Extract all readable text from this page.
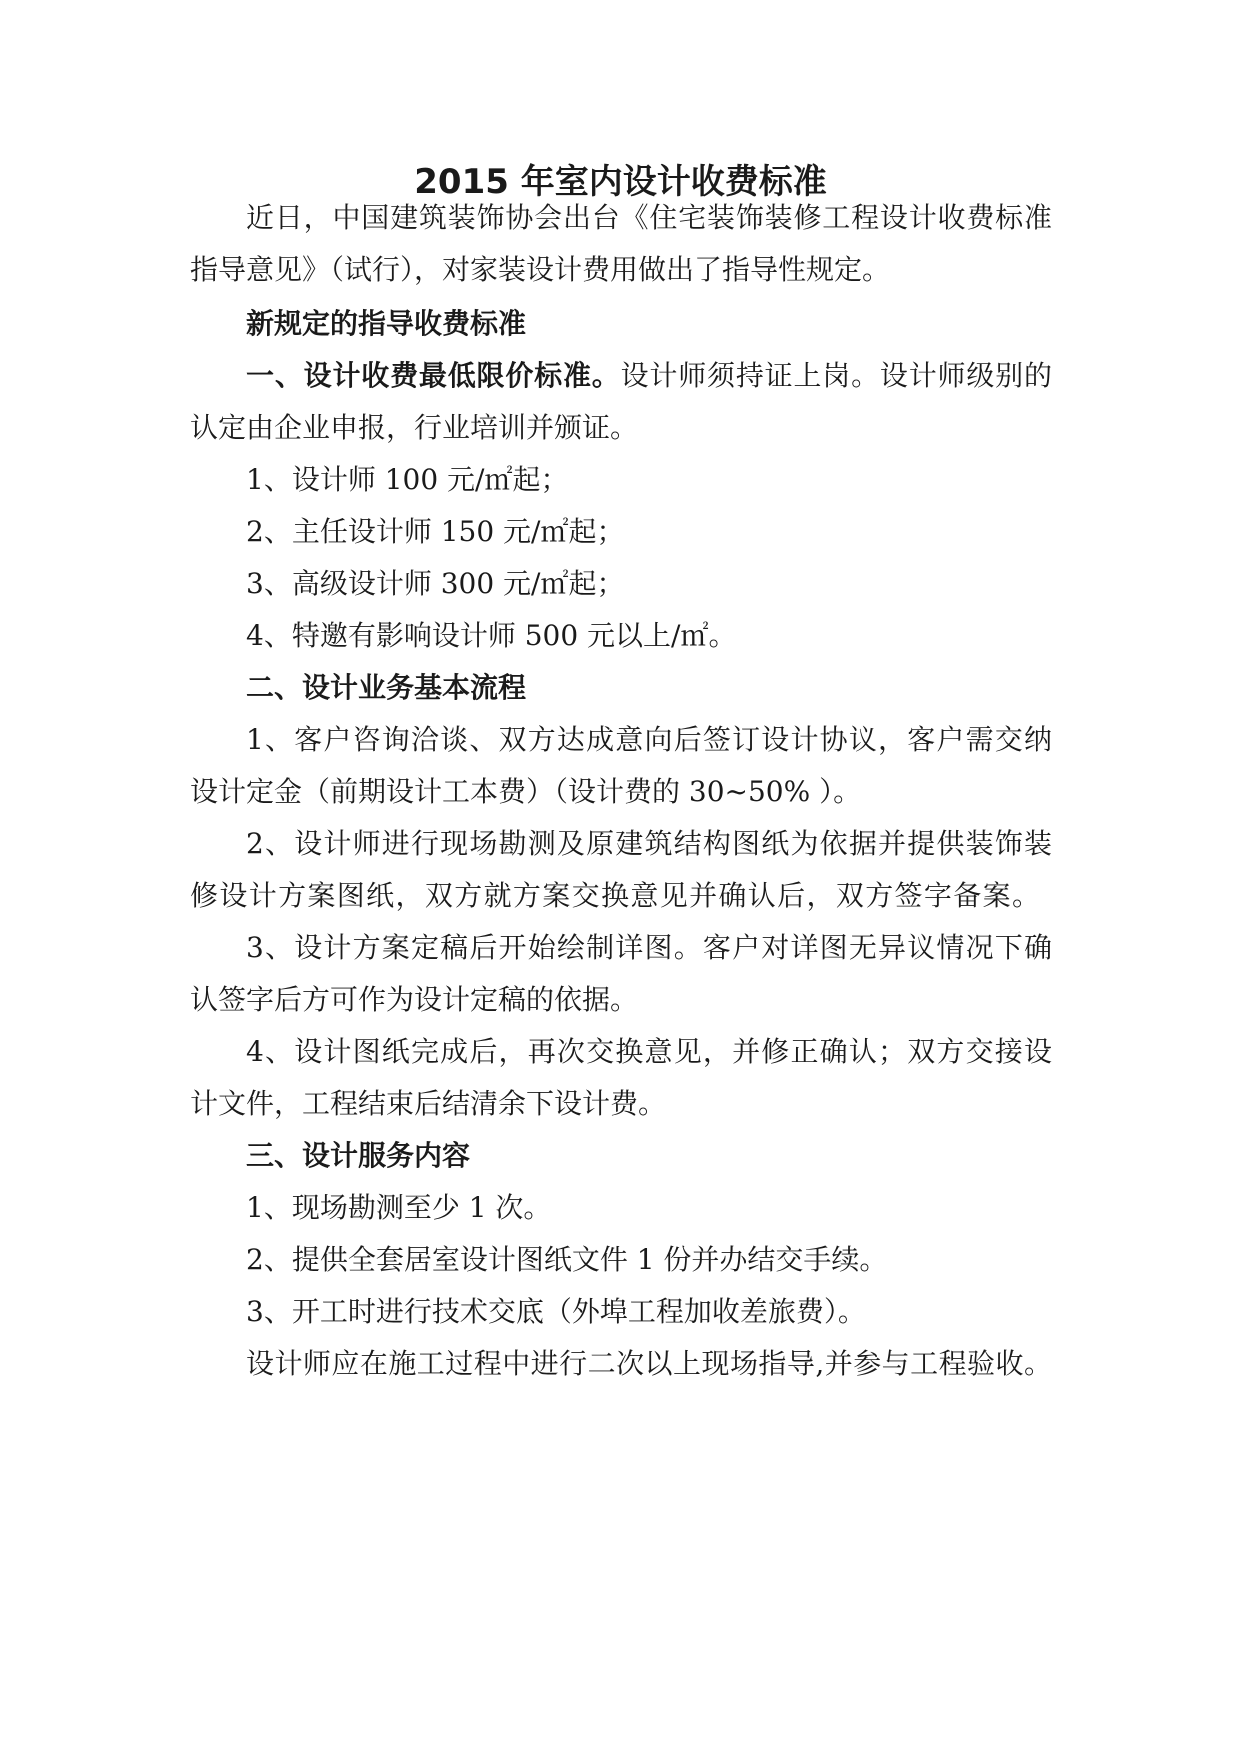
2015 年室内设计收费标准

近日，中国建筑装饰协会出台《住宅装饰装修工程设计收费标准

指导意见》（试行），对家装设计费用做出了指导性规定。

新规定的指导收费标准

一、设计收费最低限价标准。设计师须持证上岗。设计师级别的

认定由企业申报，行业培训并颁证。

1、设计师 100 元/㎡起；

2、主任设计师 150 元/㎡起；

3、高级设计师 300 元/㎡起；

4、特邀有影响设计师 500 元以上/㎡。

二、设计业务基本流程

1、客户咨询洽谈、双方达成意向后签订设计协议，客户需交纳

设计定金（前期设计工本费）（设计费的 30~50% ）。

2、设计师进行现场勘测及原建筑结构图纸为依据并提供装饰装

修设计方案图纸，双方就方案交换意见并确认后，双方签字备案。

3、设计方案定稿后开始绘制详图。客户对详图无异议情况下确

认签字后方可作为设计定稿的依据。

4、设计图纸完成后，再次交换意见，并修正确认；双方交接设

计文件，工程结束后结清余下设计费。

三、设计服务内容

1、现场勘测至少 1 次。

2、提供全套居室设计图纸文件 1 份并办结交手续。

3、开工时进行技术交底（外埠工程加收差旅费）。

设计师应在施工过程中进行二次以上现场指导,并参与工程验收。
